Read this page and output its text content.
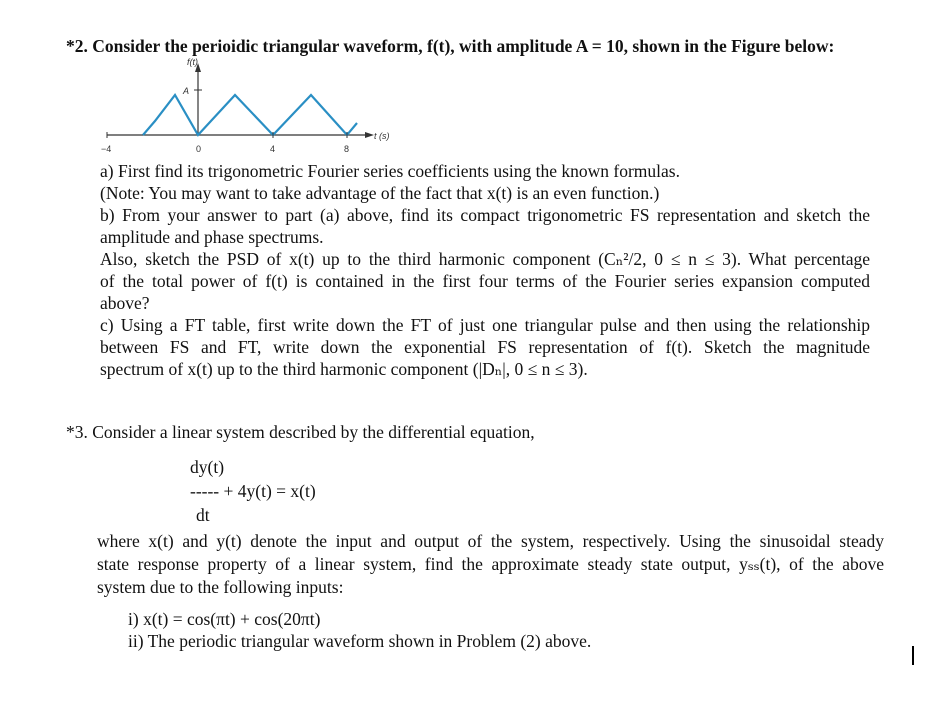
*2. Consider the perioidic triangular waveform, f(t), with amplitude A = 10, shown in the Figure below:
f(t)
A
t (s)
−4	0	4	8
a) First find its trigonometric Fourier series coefficients using the known formulas.
(Note: You may want to take advantage of the fact that x(t) is an even function.)
b) From your answer to part (a) above, find its compact trigonometric FS representation and sketch the
amplitude and phase spectrums.
Also, sketch the PSD of x(t) up to the third harmonic component (Cₙ²/2, 0 ≤ n ≤ 3). What percentage
of the total power of f(t) is contained in the first four terms of the Fourier series expansion computed
above?
c) Using a FT table, first write down the FT of just one triangular pulse and then using the relationship
between FS and FT, write down the exponential FS representation of f(t). Sketch the magnitude
spectrum of x(t) up to the third harmonic component (|Dₙ|, 0 ≤ n ≤ 3).
*3. Consider a linear system described by the differential equation,
dy(t)
----- + 4y(t) = x(t)
dt
where x(t) and y(t) denote the input and output of the system, respectively. Using the sinusoidal steady
state response property of a linear system, find the approximate steady state output, yₛₛ(t), of the above
system due to the following inputs:
i) x(t) = cos(πt) + cos(20πt)
ii) The periodic triangular waveform shown in Problem (2) above.
